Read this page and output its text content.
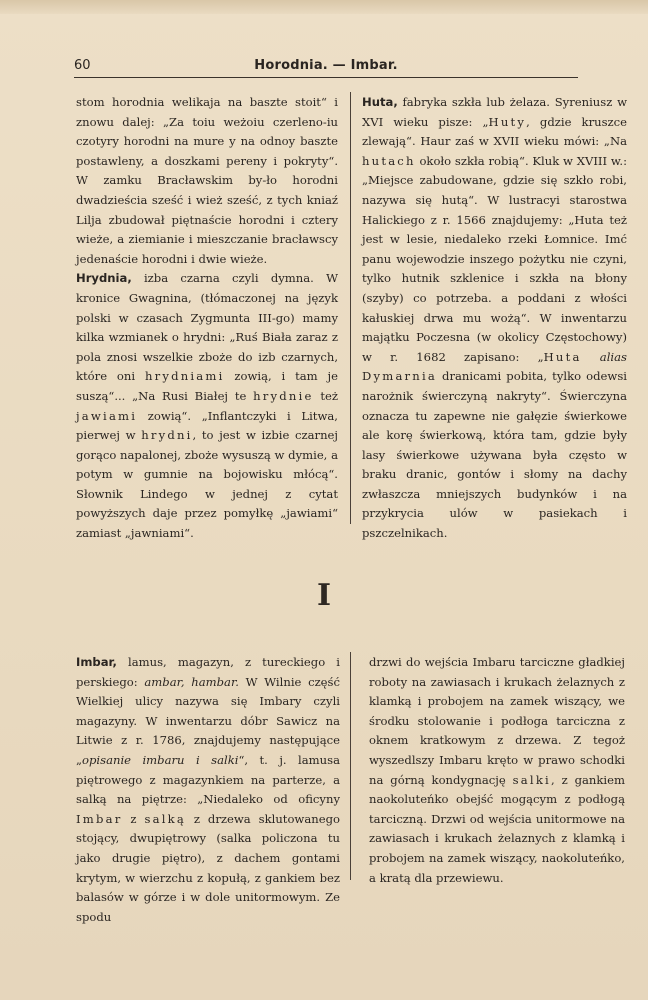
60	Horodnia. — Imbar.

stom horodnia welikaja na baszte stoit“ i znowu dalej: „Za toiu weżoiu czerleno-iu czotyry horodni na mure y na odnoy baszte postawleny, a doszkami pereny i pokryty“. W zamku Bracławskim by-ło horodni dwadzieścia sześć i wież sześć, z tych kniaź Lilja zbudował piętnaście horodni i cztery wieże, a ziemianie i mieszczanie bracławscy jedenaście horodni i dwie wieże.

Hrydnia, izba czarna czyli dymna. W kronice Gwagnina, (tłómaczonej na język polski w czasach Zygmunta III-go) mamy kilka wzmianek o hrydni: „Ruś Biała zaraz z pola znosi wszelkie zboże do izb czarnych, które oni hrydniami zowią, i tam je suszą“... „Na Rusi Białej te hrydnie też jawiami zowią“. „Inflantczyki i Litwa, pierwej w hrydni, to jest w izbie czarnej gorąco napalonej, zboże wysuszą w dymie, a potym w gumnie na bojowisku młócą“. Słownik Lindego w jednej z cytat powyższych daje przez pomyłkę „jawiami“ zamiast „jawniami“.

Huta, fabryka szkła lub żelaza. Syreniusz w XVI wieku pisze: „Huty, gdzie kruszce zlewają“. Haur zaś w XVII wieku mówi: „Na hutach około szkła robią“. Kluk w XVIII w.: „Miejsce zabudowane, gdzie się szkło robi, nazywa się hutą“. W lustracyi starostwa Halickiego z r. 1566 znajdujemy: „Huta też jest w lesie, niedaleko rzeki Łomnice. Imć panu wojewodzie inszego pożytku nie czyni, tylko hutnik szklenice i szkła na błony (szyby) co potrzeba. a poddani z włości kałuskiej drwa mu wożą“. W inwentarzu majątku Poczesna (w okolicy Częstochowy) w r. 1682 zapisano: „Huta alias Dymarnia dranicami pobita, tylko odewsi narożnik świerczyną nakryty“. Świerczyna oznacza tu zapewne nie gałęzie świerkowe ale korę świerkową, która tam, gdzie były lasy świerkowe używana była często w braku dranic, gontów i słomy na dachy zwłaszcza mniejszych budynków i na przykrycia ulów w pasiekach i pszczelnikach.

I

Imbar, lamus, magazyn, z tureckiego i perskiego: ambar, hambar. W Wilnie część Wielkiej ulicy nazywa się Imbary czyli magazyny. W inwentarzu dóbr Sawicz na Litwie z r. 1786, znajdujemy następujące „opisanie imbaru i salki“, t. j. lamusa piętrowego z magazynkiem na parterze, a salką na piętrze: „Niedaleko od oficyny Imbar z salką z drzewa sklutowanego stojący, dwupiętrowy (salka policzona tu jako drugie piętro), z dachem gontami krytym, w wierzchu z kopułą, z gankiem bez balasów w górze i w dole unitormowym. Ze spodu

drzwi do wejścia Imbaru tarciczne gładkiej roboty na zawiasach i krukach żelaznych z klamką i probojem na zamek wiszący, we środku stolowanie i podłoga tarciczna z oknem kratkowym z drzewa. Z tegoż wyszedlszy Imbaru kręto w prawo schodki na górną kondygnację salki, z gankiem naokoluteńko obejść mogącym z podłogą tarciczną. Drzwi od wejścia unitormowe na zawiasach i krukach żelaznych z klamką i probojem na zamek wiszący, naokoluteńko, a kratą dla przewiewu.
